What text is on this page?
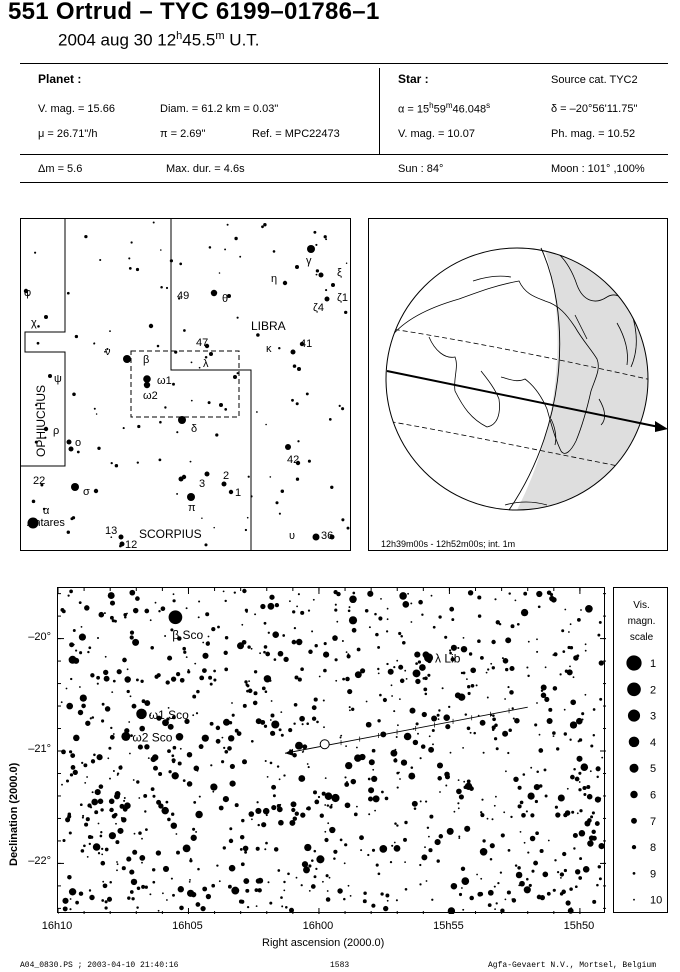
551 Ortrud – TYC 6199–01786–1
2004 aug 30 12$^h$45.5$^m$ U.T.
Planet :
V. mag. = 15.66	Diam. = 61.2 km = 0.03"
μ = 26.71"/h	π = 2.69"	Ref. = MPC22473
Star :	Source cat. TYC2
$\alpha = 15^h59^m46.048^s$	δ = –20°56'11.75"
V. mag. = 10.07	Ph. mag. = 10.52
Δm = 5.6	Max. dur. = 4.6s	Sun : 84°	Moon : 101° ,100%
OPHIUCHUS
LIBRA
SCORPIUS
Antares
φ
χ
ψ
ρ
o
σ
α
22
ν
β
ω1
ω2
δ
π
1
2
3
13
12
λ
47	κ	41
42
49	θ
η
γ
ξ
ζ4
ζ1
υ 36
12h39m00s - 12h52m00s; int. 1m
β Sco
λ Lib
ω1 Sco
ω2 Sco
–20°
–21°
–22°
16h10	16h05	16h00	15h55	15h50
Declination (2000.0)
Right ascension (2000.0)
Vis.
magn.
scale
1
2
3
4
5
6
7
8
9
10
A04_0830.PS ; 2003-04-10 21:40:16	1583	Agfa-Gevaert N.V., Mortsel, Belgium
